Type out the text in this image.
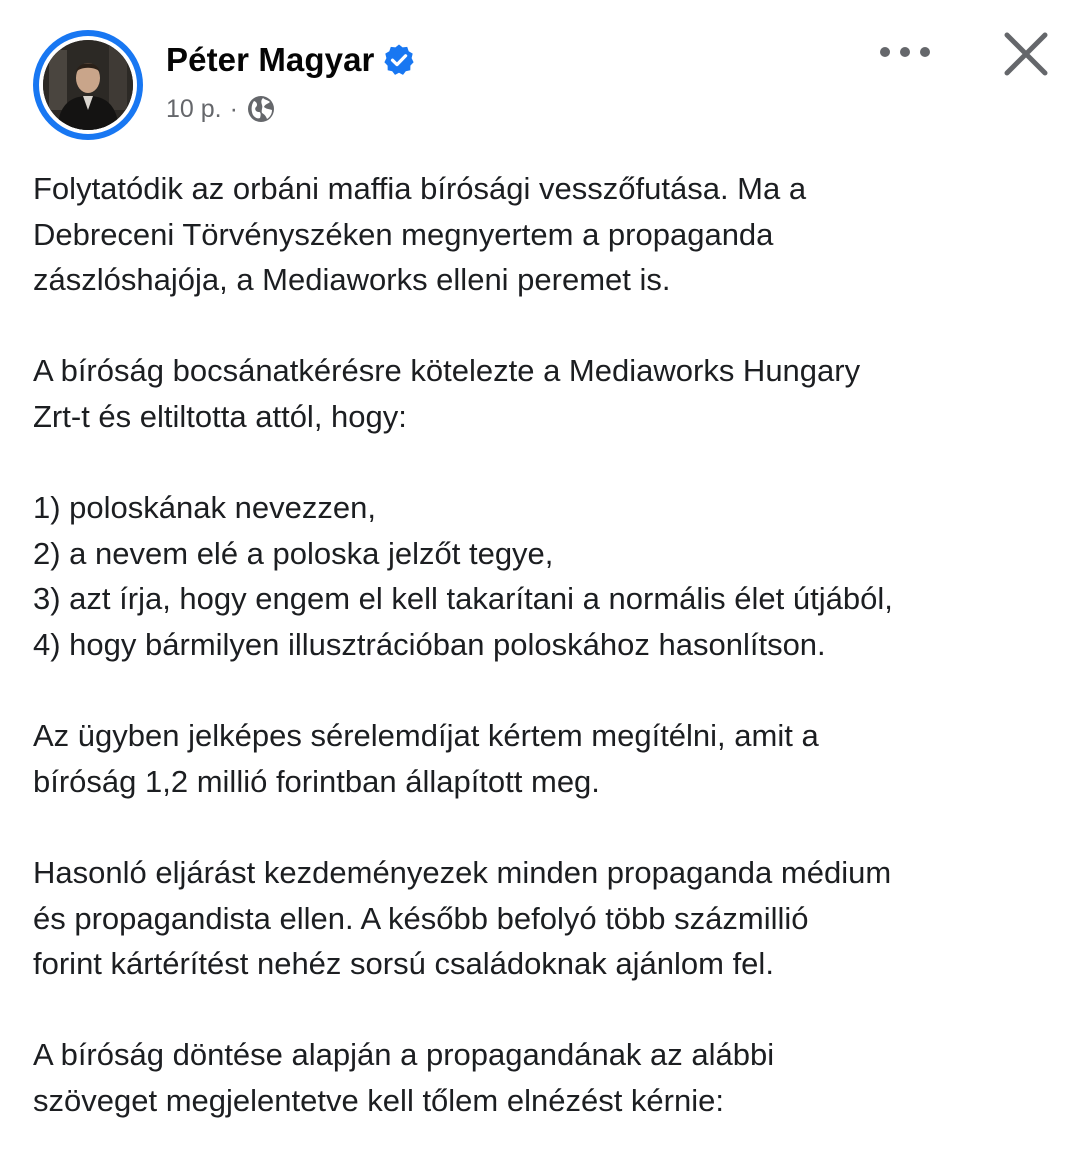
Péter Magyar
10 p. ·

Folytatódik az orbáni maffia bírósági vesszőfutása. Ma a
Debreceni Törvényszéken megnyertem a propaganda
zászlóshajója, a Mediaworks elleni peremet is.

A bíróság bocsánatkérésre kötelezte a Mediaworks Hungary
Zrt-t és eltiltotta attól, hogy:

1) poloskának nevezzen,
2) a nevem elé a poloska jelzőt tegye,
3) azt írja, hogy engem el kell takarítani a normális élet útjából,
4) hogy bármilyen illusztrációban poloskához hasonlítson.

Az ügyben jelképes sérelemdíjat kértem megítélni, amit a
bíróság 1,2 millió forintban állapított meg.

Hasonló eljárást kezdeményezek minden propaganda médium
és propagandista ellen. A később befolyó több százmillió
forint kártérítést nehéz sorsú családoknak ajánlom fel.

A bíróság döntése alapján a propagandának az alábbi
szöveget megjelentetve kell tőlem elnézést kérnie:
